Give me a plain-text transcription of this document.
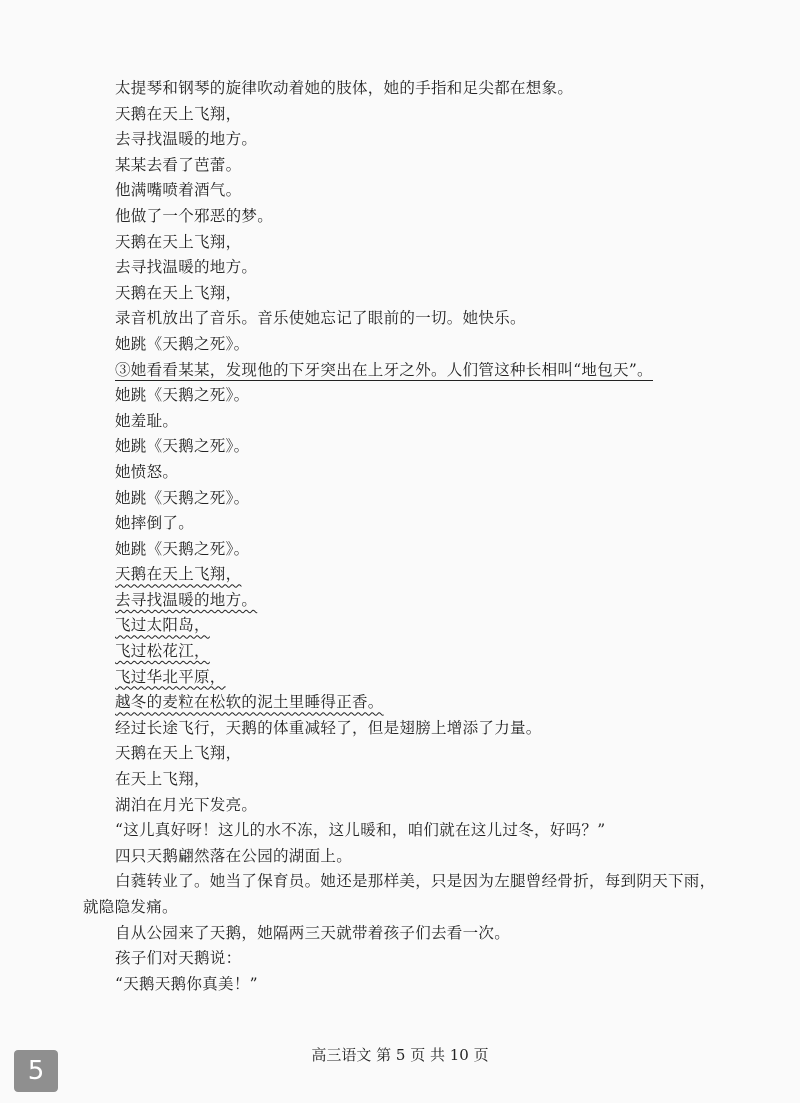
太提琴和钢琴的旋律吹动着她的肢体，她的手指和足尖都在想象。
天鹅在天上飞翔，
去寻找温暖的地方。
某某去看了芭蕾。
他满嘴喷着酒气。
他做了一个邪恶的梦。
天鹅在天上飞翔，
去寻找温暖的地方。
天鹅在天上飞翔，
录音机放出了音乐。音乐使她忘记了眼前的一切。她快乐。
她跳《天鹅之死》。
③她看看某某，发现他的下牙突出在上牙之外。人们管这种长相叫“地包天”。
她跳《天鹅之死》。
她羞耻。
她跳《天鹅之死》。
她愤怒。
她跳《天鹅之死》。
她摔倒了。
她跳《天鹅之死》。
天鹅在天上飞翔，
去寻找温暖的地方。
飞过太阳岛，
飞过松花江，
飞过华北平原，
越冬的麦粒在松软的泥土里睡得正香。
经过长途飞行，天鹅的体重减轻了，但是翅膀上增添了力量。
天鹅在天上飞翔，
在天上飞翔，
湖泊在月光下发亮。
“这儿真好呀！这儿的水不冻，这儿暖和，咱们就在这儿过冬，好吗？”
四只天鹅翩然落在公园的湖面上。
白蕤转业了。她当了保育员。她还是那样美，只是因为左腿曾经骨折，每到阴天下雨，
就隐隐发痛。
自从公园来了天鹅，她隔两三天就带着孩子们去看一次。
孩子们对天鹅说：
“天鹅天鹅你真美！”
高三语文 第 5 页 共 10 页
5
